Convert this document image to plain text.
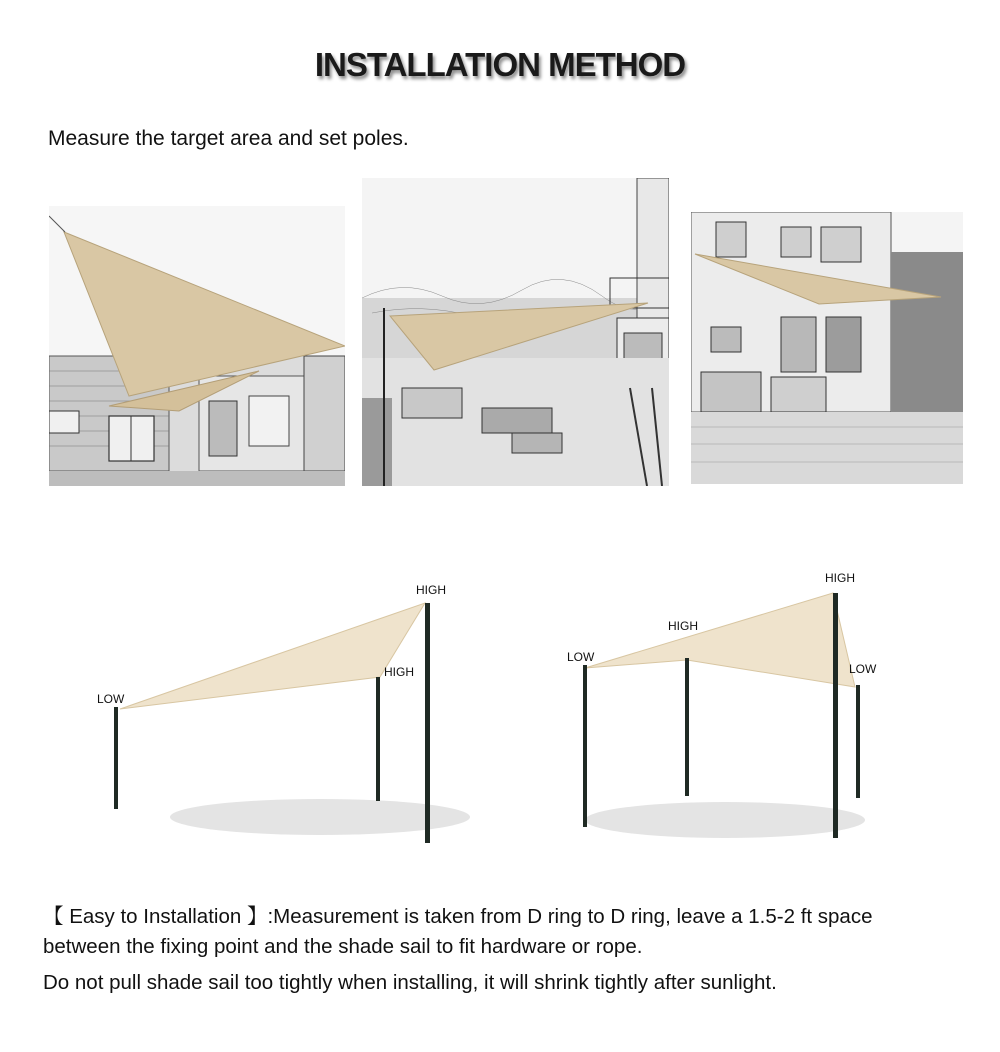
INSTALLATION METHOD
Measure the target area and set poles.
LOW
HIGH
HIGH
HIGH
HIGH
LOW
LOW
【 Easy to Installation 】:Measurement is taken from D ring to D ring, leave a 1.5-2 ft space
between the fixing point and the shade sail to fit hardware or rope.
Do not pull shade sail too tightly when installing, it will shrink tightly after sunlight.
